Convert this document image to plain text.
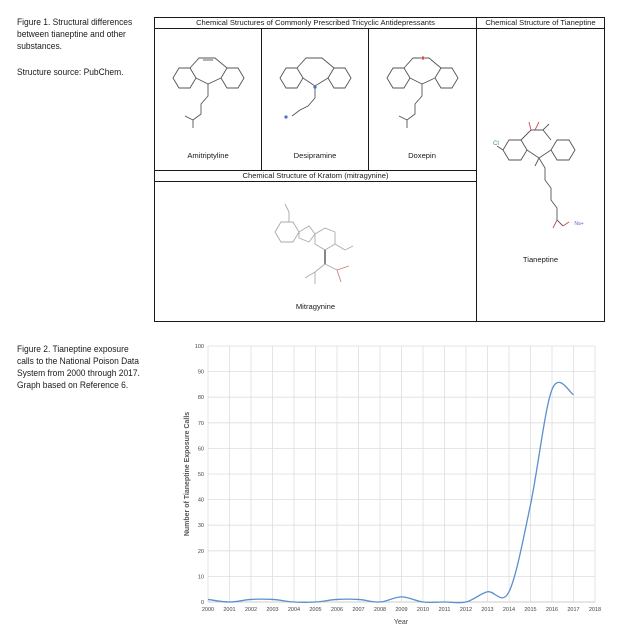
Figure 1. Structural differences between tianeptine and other substances.

Structure source: PubChem.

Chemical Structures of Commonly Prescribed Tricyclic Antidepressants	Chemical Structure of Tianeptine
Chemical Structure of Kratom (mitragynine)
Amitriptyline	Desipramine	Doxepin
Mitragynine
Cl
Na+
Tianeptine

Figure 2. Tianeptine exposure calls to the National Poison Data System from 2000 through 2017. Graph based on Reference 6.

0
10
20
30
40
50
60
70
80
90
100
2000 2001 2002 2003 2004 2005 2006 2007 2008 2009 2010 2011 2012 2013 2014 2015 2016 2017 2018
Number of Tianeptine Exposure Calls
Year
